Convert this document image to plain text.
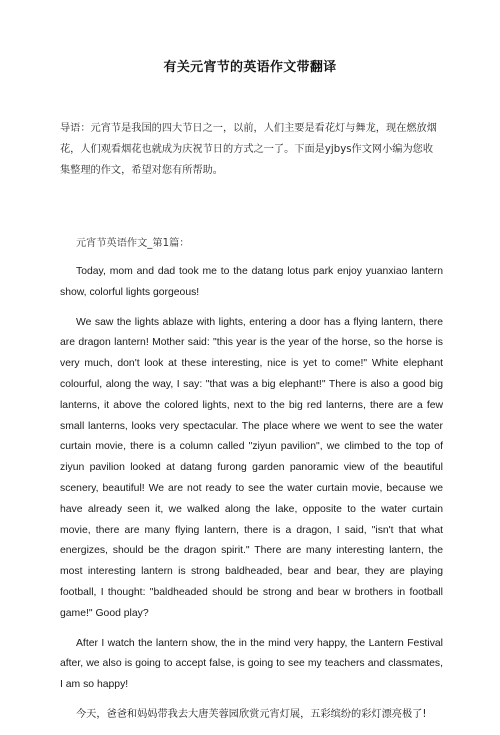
有关元宵节的英语作文带翻译
导语：元宵节是我国的四大节日之一，以前，人们主要是看花灯与舞龙，现在燃放烟花，人们观看烟花也就成为庆祝节日的方式之一了。下面是yjbys作文网小编为您收集整理的作文，希望对您有所帮助。
元宵节英语作文_第1篇：

Today, mom and dad took me to the datang lotus park enjoy yuanxiao lantern show, colorful lights gorgeous!

We saw the lights ablaze with lights, entering a door has a flying lantern, there are dragon lantern! Mother said: "this year is the year of the horse, so the horse is very much, don't look at these interesting, nice is yet to come!" White elephant colourful, along the way, I say: "that was a big elephant!" There is also a good big lanterns, it above the colored lights, next to the big red lanterns, there are a few small lanterns, looks very spectacular. The place where we went to see the water curtain movie, there is a column called "ziyun pavilion", we climbed to the top of ziyun pavilion looked at datang furong garden panoramic view of the beautiful scenery, beautiful! We are not ready to see the water curtain movie, because we have already seen it, we walked along the lake, opposite to the water curtain movie, there are many flying lantern, there is a dragon, I said, "isn't that what energizes, should be the dragon spirit." There are many interesting lantern, the most interesting lantern is strong baldheaded, bear and bear, they are playing football, I thought: "baldheaded should be strong and bear w brothers in football game!" Good play?

After I watch the lantern show, the in the mind very happy, the Lantern Festival after, we also is going to accept false, is going to see my teachers and classmates, I am so happy!

今天，爸爸和妈妈带我去大唐芙蓉园欣赏元宵灯展，五彩缤纷的彩灯漂亮极了!
